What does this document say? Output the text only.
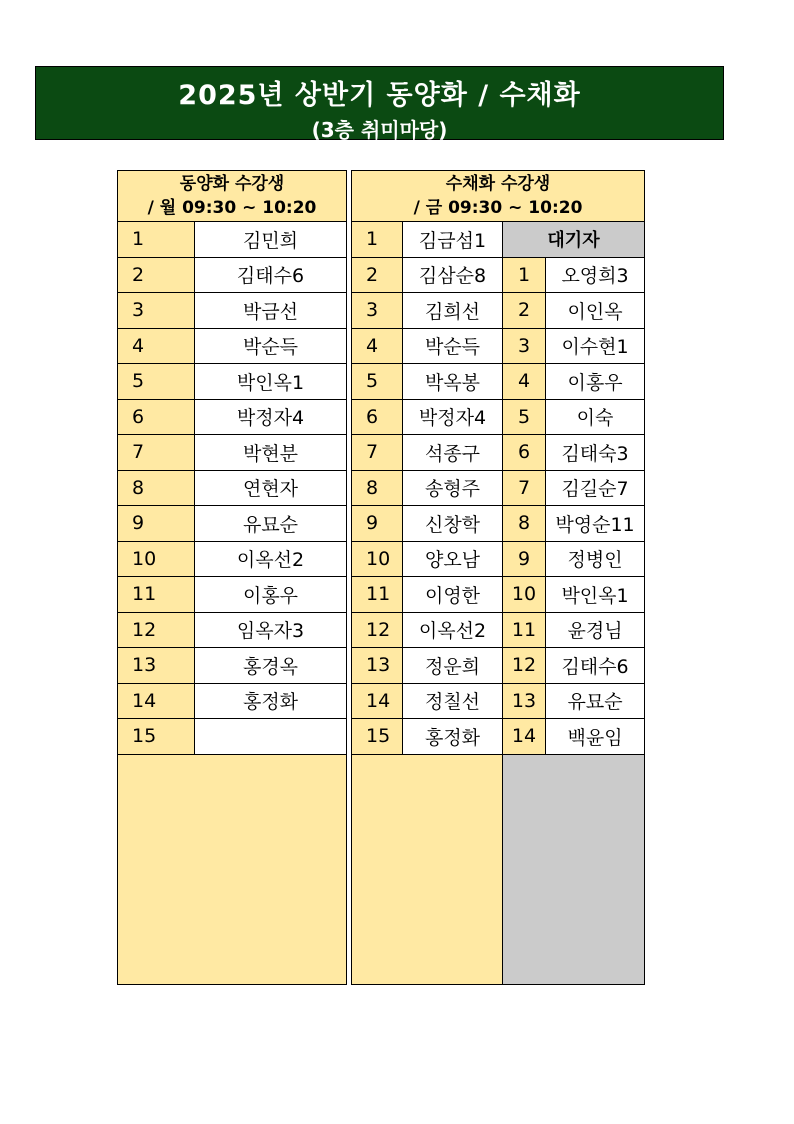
2025년 상반기 동양화 / 수채화
(3층 취미마당)
동양화 수강생
/ 월 09:30 ~ 10:20	

1	김민희
2	김태수6
3	박금선
4	박순득
5	박인옥1
6	박정자4
7	박현분
8	연현자
9	유묘순
10	이옥선2
11	이홍우
12	임옥자3
13	홍경옥
14	홍정화
15	

수채화 수강생
/ 금 09:30 ~ 10:20			

1	김금섬1	대기자	
2	김삼순8	1	오영희3
3	김희선	2	이인옥
4	박순득	3	이수현1
5	박옥봉	4	이홍우
6	박정자4	5	이숙
7	석종구	6	김태숙3
8	송형주	7	김길순7
9	신창학	8	박영순11
10	양오남	9	정병인
11	이영한	10	박인옥1
12	이옥선2	11	윤경님
13	정운희	12	김태수6
14	정칠선	13	유묘순
15	홍정화	14	백윤임
